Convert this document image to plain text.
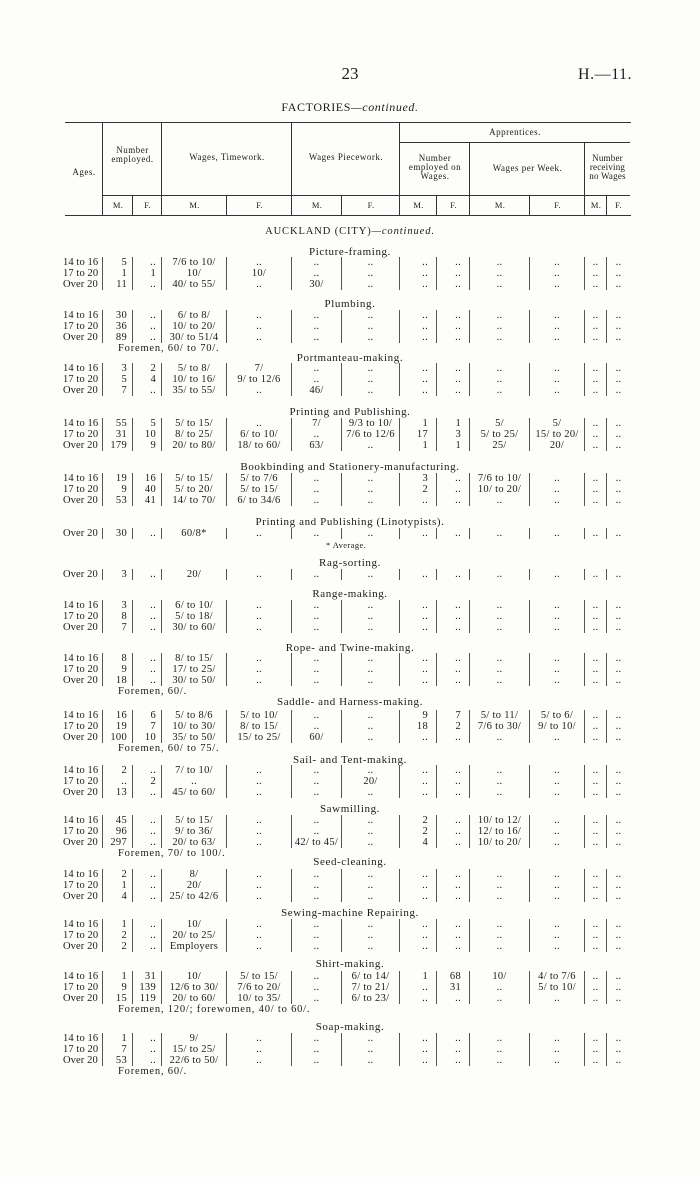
23	H.—11.
FACTORIES—continued.
Ages.
Number
employed.	Wages, Timework.	Wages Piecework.
Apprentices.
Number
employed on
Wages.
Wages per Week.
Number
receiving
no Wages
M.	F.	M.	F.	M.	F.	M.	F.	M.	F.	M.	F.
AUCKLAND (CITY)—continued.
Picture-framing.
14 to 16	5	..	7/6 to 10/	..	..	..	..	..	..	..	..	..
17 to 20	1	1	10/	10/	..	..	..	..	..	..	..	..
Over 20	11	..	40/ to 55/	..	30/	..	..	..	..	..	..	..
Plumbing.
14 to 16	30	..	6/ to 8/	..	..	..	..	..	..	..	..	..
17 to 20	36	..	10/ to 20/	..	..	..	..	..	..	..	..	..
Over 20	89	..	30/ to 51/4	..	..	..	..	..	..	..	..	..
Foremen, 60/ to 70/.
Portmanteau-making.
14 to 16	3	2	5/ to 8/	7/	..	..	..	..	..	..	..	..
17 to 20	5	4	10/ to 16/	9/ to 12/6	..	..	..	..	..	..	..	..
Over 20	7	..	35/ to 55/	..	46/	..	..	..	..	..	..	..
Printing and Publishing.
14 to 16	55	5	5/ to 15/	..	7/	9/3 to 10/	1	1	5/	5/	..	..
17 to 20	31	10	8/ to 25/	6/ to 10/	..	7/6 to 12/6	17	3	5/ to 25/	15/ to 20/	..	..
Over 20	179	9	20/ to 80/	18/ to 60/	63/	..	1	1	25/	20/	..	..
Bookbinding and Stationery-manufacturing.
14 to 16	19	16	5/ to 15/	5/ to 7/6	..	..	3	..	7/6 to 10/	..	..	..
17 to 20	9	40	5/ to 20/	5/ to 15/	..	..	2	..	10/ to 20/	..	..	..
Over 20	53	41	14/ to 70/	6/ to 34/6	..	..	..	..	..	..	..	..
Printing and Publishing (Linotypists).
Over 20	30	..	60/8*	..	..	..	..	..	..	..	..	..
* Average.
Rag-sorting.
Over 20	3	..	20/	..	..	..	..	..	..	..	..	..
Range-making.
14 to 16	3	..	6/ to 10/	..	..	..	..	..	..	..	..	..
17 to 20	8	..	5/ to 18/	..	..	..	..	..	..	..	..	..
Over 20	7	..	30/ to 60/	..	..	..	..	..	..	..	..	..
Rope- and Twine-making.
14 to 16	8	..	8/ to 15/	..	..	..	..	..	..	..	..	..
17 to 20	9	..	17/ to 25/	..	..	..	..	..	..	..	..	..
Over 20	18	..	30/ to 50/	..	..	..	..	..	..	..	..	..
Foremen, 60/.
Saddle- and Harness-making.
14 to 16	16	6	5/ to 8/6	5/ to 10/	..	..	9	7	5/ to 11/	5/ to 6/	..	..
17 to 20	19	7	10/ to 30/	8/ to 15/	..	..	18	2	7/6 to 30/	9/ to 10/	..	..
Over 20	100	10	35/ to 50/	15/ to 25/	60/	..	..	..	..	..	..	..
Foremen, 60/ to 75/.
Sail- and Tent-making.
14 to 16	2	..	7/ to 10/	..	..	..	..	..	..	..	..	..
17 to 20	..	2	..	..	..	20/	..	..	..	..	..	..
Over 20	13	..	45/ to 60/	..	..	..	..	..	..	..	..	..
Sawmilling.
14 to 16	45	..	5/ to 15/	..	..	..	2	..	10/ to 12/	..	..	..
17 to 20	96	..	9/ to 36/	..	..	..	2	..	12/ to 16/	..	..	..
Over 20	297	..	20/ to 63/	..	42/ to 45/	..	4	..	10/ to 20/	..	..	..
Foremen, 70/ to 100/.
Seed-cleaning.
14 to 16	2	..	8/	..	..	..	..	..	..	..	..	..
17 to 20	1	..	20/	..	..	..	..	..	..	..	..	..
Over 20	4	..	25/ to 42/6	..	..	..	..	..	..	..	..	..
Sewing-machine Repairing.
14 to 16	1	..	10/	..	..	..	..	..	..	..	..	..
17 to 20	2	..	20/ to 25/	..	..	..	..	..	..	..	..	..
Over 20	2	..	Employers	..	..	..	..	..	..	..	..	..
Shirt-making.
14 to 16	1	31	10/	5/ to 15/	..	6/ to 14/	1	68	10/	4/ to 7/6	..	..
17 to 20	9	139	12/6 to 30/	7/6 to 20/	..	7/ to 21/	..	31	..	5/ to 10/	..	..
Over 20	15	119	20/ to 60/	10/ to 35/	..	6/ to 23/	..	..	..	..	..	..
Foremen, 120/; forewomen, 40/ to 60/.
Soap-making.
14 to 16	1	..	9/	..	..	..	..	..	..	..	..	..
17 to 20	7	..	15/ to 25/	..	..	..	..	..	..	..	..	..
Over 20	53	..	22/6 to 50/	..	..	..	..	..	..	..	..	..
Foremen, 60/.
